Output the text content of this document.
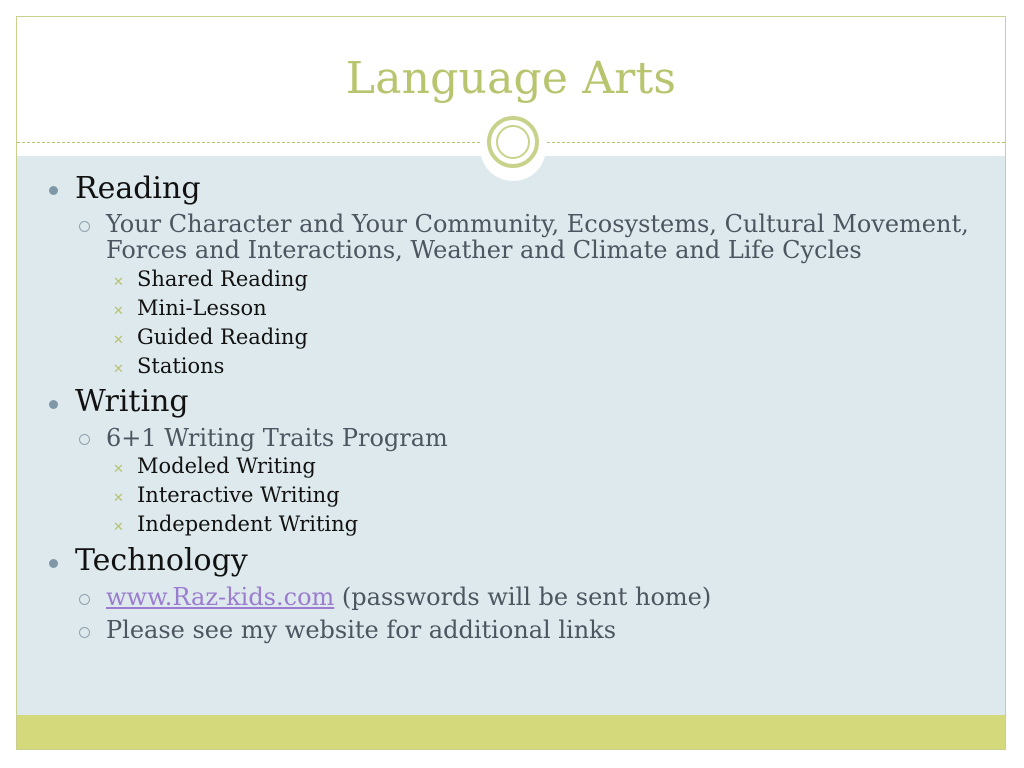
Language Arts
Reading
Your Character and Your Community, Ecosystems, Cultural Movement,
Forces and Interactions, Weather and Climate and Life Cycles
✕ Shared Reading
✕ Mini-Lesson
✕ Guided Reading
✕ Stations
Writing
6+1 Writing Traits Program
✕ Modeled Writing
✕ Interactive Writing
✕ Independent Writing
Technology
www.Raz-kids.com (passwords will be sent home)
Please see my website for additional links
